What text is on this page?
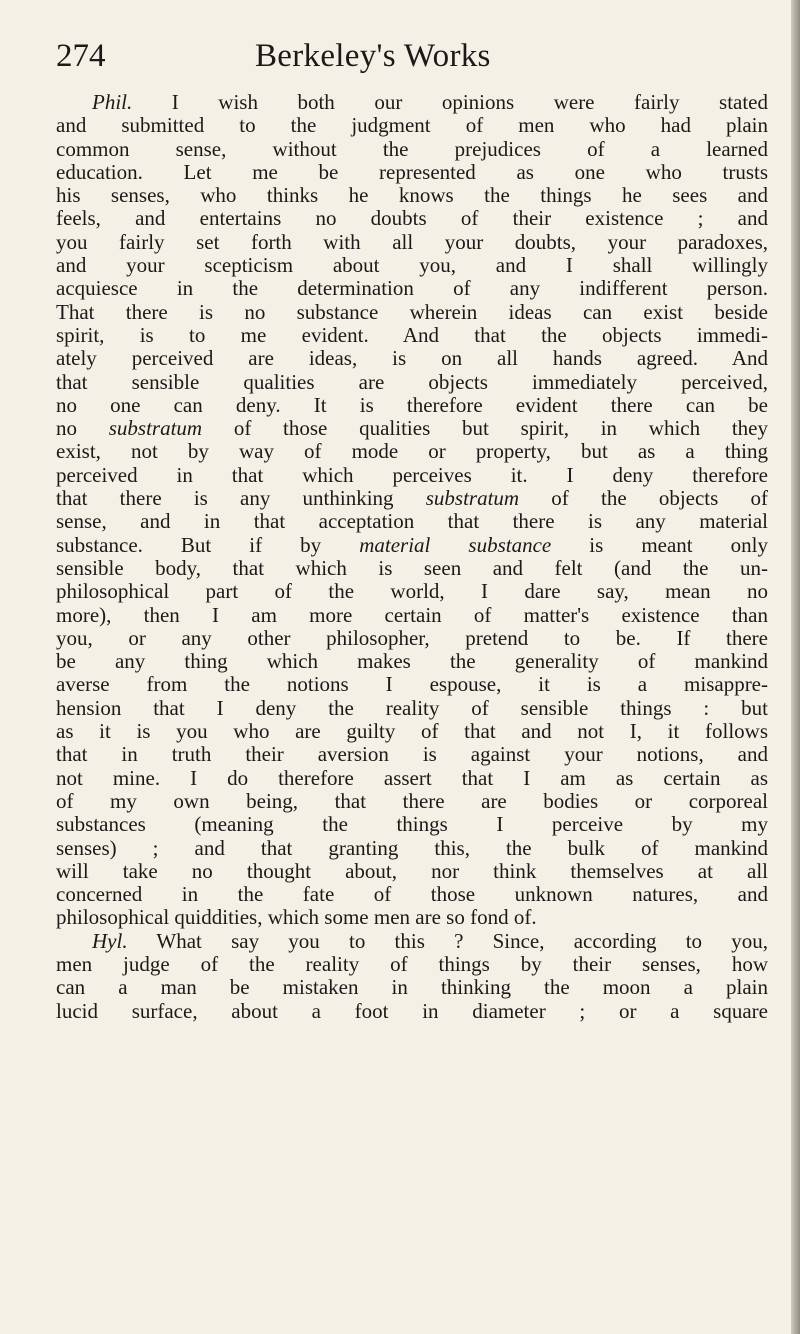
274	Berkeley's Works
Phil. I wish both our opinions were fairly stated
and submitted to the judgment of men who had plain
common sense, without the prejudices of a learned
education. Let me be represented as one who trusts
his senses, who thinks he knows the things he sees and
feels, and entertains no doubts of their existence ; and
you fairly set forth with all your doubts, your paradoxes,
and your scepticism about you, and I shall willingly
acquiesce in the determination of any indifferent person.
That there is no substance wherein ideas can exist beside
spirit, is to me evident. And that the objects immedi-
ately perceived are ideas, is on all hands agreed. And
that sensible qualities are objects immediately perceived,
no one can deny. It is therefore evident there can be
no substratum of those qualities but spirit, in which they
exist, not by way of mode or property, but as a thing
perceived in that which perceives it. I deny therefore
that there is any unthinking substratum of the objects of
sense, and in that acceptation that there is any material
substance. But if by material substance is meant only
sensible body, that which is seen and felt (and the un-
philosophical part of the world, I dare say, mean no
more), then I am more certain of matter's existence than
you, or any other philosopher, pretend to be. If there
be any thing which makes the generality of mankind
averse from the notions I espouse, it is a misappre-
hension that I deny the reality of sensible things : but
as it is you who are guilty of that and not I, it follows
that in truth their aversion is against your notions, and
not mine. I do therefore assert that I am as certain as
of my own being, that there are bodies or corporeal
substances (meaning the things I perceive by my
senses) ; and that granting this, the bulk of mankind
will take no thought about, nor think themselves at all
concerned in the fate of those unknown natures, and
philosophical quiddities, which some men are so fond of.
Hyl. What say you to this ? Since, according to you,
men judge of the reality of things by their senses, how
can a man be mistaken in thinking the moon a plain
lucid surface, about a foot in diameter ; or a square
